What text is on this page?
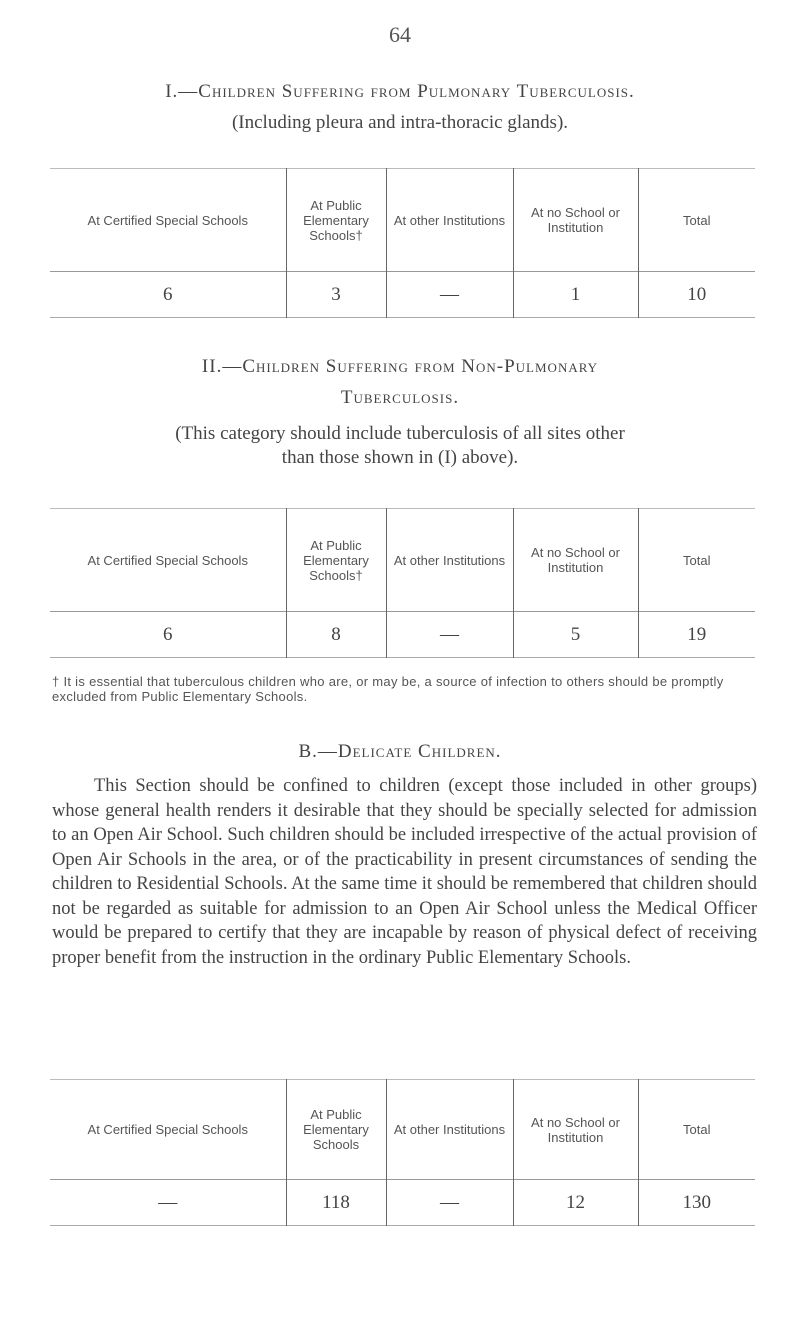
64
I.—Children Suffering from Pulmonary Tuberculosis.
(Including pleura and intra-thoracic glands).
At Certified Special Schools	At Public Elementary Schools†	At other Institutions	At no School or Institution	Total
6	3	—	1	10
II.—Children Suffering from Non-Pulmonary
Tuberculosis.
(This category should include tuberculosis of all sites other
than those shown in (I) above).
At Certified Special Schools	At Public Elementary Schools†	At other Institutions	At no School or Institution	Total
6	8	—	5	19
† It is essential that tuberculous children who are, or may be, a source of infection to others should be promptly excluded from Public Elementary Schools.
B.—Delicate Children.
This Section should be confined to children (except those included in other groups) whose general health renders it desirable that they should be specially selected for admission to an Open Air School. Such children should be included irrespective of the actual provision of Open Air Schools in the area, or of the practicability in present circumstances of sending the children to Residential Schools. At the same time it should be remembered that children should not be regarded as suitable for admission to an Open Air School unless the Medical Officer would be prepared to certify that they are incapable by reason of physical defect of receiving proper benefit from the instruction in the ordinary Public Elementary Schools.
At Certified Special Schools	At Public Elementary Schools	At other Institutions	At no School or Institution	Total
—	118	—	12	130
